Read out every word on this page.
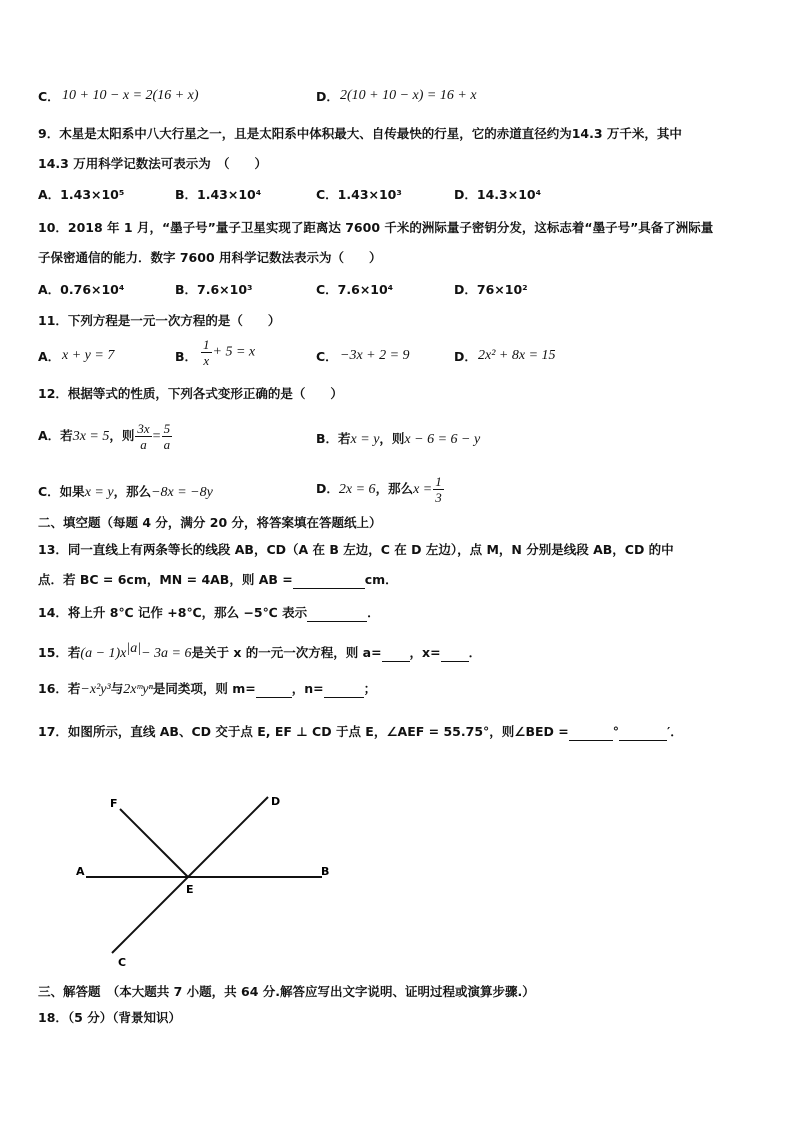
C． 10 + 10 − x = 2(16 + x)	D． 2(10 + 10 − x) = 16 + x
9．木星是太阳系中八大行星之一，且是太阳系中体积最大、自传最快的行星，它的赤道直径约为14.3 万千米，其中
14.3 万用科学记数法可表示为　（　　）
A．1.43×10⁵	B．1.43×10⁴	C．1.43×10³	D．14.3×10⁴
10．2018 年 1 月，“墨子号”量子卫星实现了距离达 7600 千米的洲际量子密钥分发，这标志着“墨子号”具备了洲际量
子保密通信的能力．数字 7600 用科学记数法表示为（　　）
A．0.76×10⁴	B．7.6×10³	C．7.6×10⁴	D．76×10²
11．下列方程是一元一次方程的是（　　）
A． x + y = 7	B． $\frac{1}{x} + 5 = x$	C． −3x + 2 = 9	D． 2x² + 8x = 15
12．根据等式的性质，下列各式变形正确的是（　　）
A．若3x = 5，则 $\frac{3x}{a} = \frac{5}{a}$	B．若x = y，则x − 6 = 6 − y
C．如果x = y，那么−8x = −8y	D．2x = 6，那么$x = \frac{1}{3}$
二、填空题（每题 4 分，满分 20 分，将答案填在答题纸上）
13．同一直线上有两条等长的线段 AB，CD（A 在 B 左边，C 在 D 左边），点 M，N 分别是线段 AB，CD 的中
点．若 BC = 6cm，MN = 4AB，则 AB =	cm．
14．将上升 8℃ 记作 +8℃，那么 −5℃ 表示	．
15．若$(a - 1)x^{|a|}- 3a = 6$是关于 x 的一元一次方程，则 a= ，x= ．
16．若−x²y³与2xᵐyⁿ是同类项，则 m=	，n=	；
17．如图所示，直线 AB、CD 交于点 E, EF ⊥ CD 于点 E，∠AEF = 55.75°，则∠BED =	°	′．
F	D
A	B
E
C
三、解答题　（本大题共 7 小题，共 64 分.解答应写出文字说明、证明过程或演算步骤.）
18．（5 分）（背景知识）
